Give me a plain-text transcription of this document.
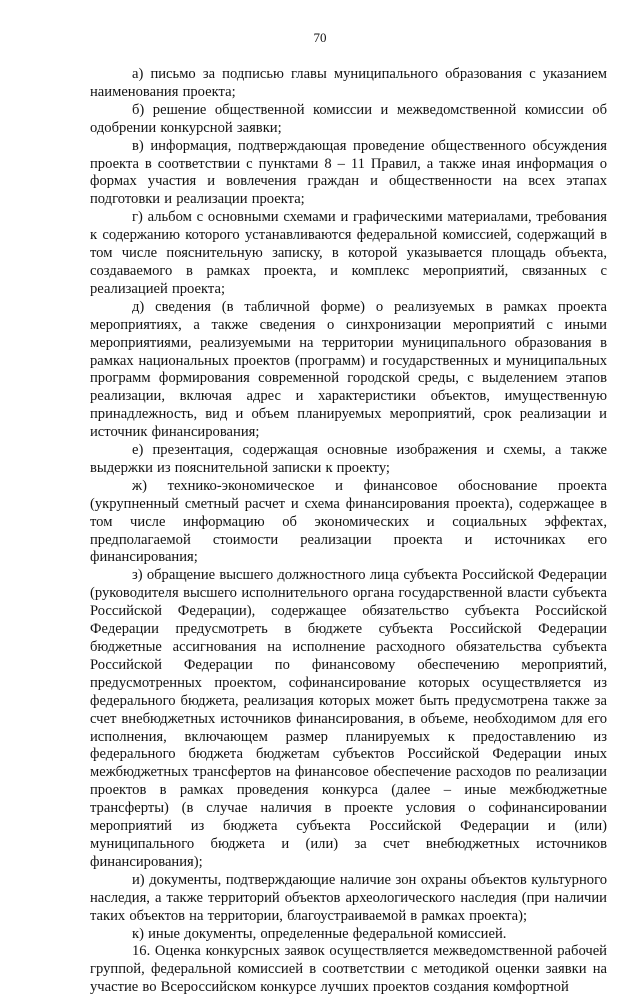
70

а) письмо за подписью главы муниципального образования с указанием наименования проекта;

б) решение общественной комиссии и межведомственной комиссии об одобрении конкурсной заявки;

в) информация, подтверждающая проведение общественного обсуждения проекта в соответствии с пунктами 8 – 11 Правил, а также иная информация о формах участия и вовлечения граждан и общественности на всех этапах подготовки и реализации проекта;

г) альбом с основными схемами и графическими материалами, требования к содержанию которого устанавливаются федеральной комиссией, содержащий в том числе пояснительную записку, в которой указывается площадь объекта, создаваемого в рамках проекта, и комплекс мероприятий, связанных с реализацией проекта;

д) сведения (в табличной форме) о реализуемых в рамках проекта мероприятиях, а также сведения о синхронизации мероприятий с иными мероприятиями, реализуемыми на территории муниципального образования в рамках национальных проектов (программ) и государственных и муниципальных программ формирования современной городской среды, с выделением этапов реализации, включая адрес и характеристики объектов, имущественную принадлежность, вид и объем планируемых мероприятий, срок реализации и источник финансирования;

е) презентация, содержащая основные изображения и схемы, а также выдержки из пояснительной записки к проекту;

ж) технико-экономическое и финансовое обоснование проекта (укрупненный сметный расчет и схема финансирования проекта), содержащее в том числе информацию об экономических и социальных эффектах, предполагаемой стоимости реализации проекта и источниках его финансирования;

з) обращение высшего должностного лица субъекта Российской Федерации (руководителя высшего исполнительного органа государственной власти субъекта Российской Федерации), содержащее обязательство субъекта Российской Федерации предусмотреть в бюджете субъекта Российской Федерации бюджетные ассигнования на исполнение расходного обязательства субъекта Российской Федерации по финансовому обеспечению мероприятий, предусмотренных проектом, софинансирование которых осуществляется из федерального бюджета, реализация которых может быть предусмотрена также за счет внебюджетных источников финансирования, в объеме, необходимом для его исполнения, включающем размер планируемых к предоставлению из федерального бюджета бюджетам субъектов Российской Федерации иных межбюджетных трансфертов на финансовое обеспечение расходов по реализации проектов в рамках проведения конкурса (далее – иные межбюджетные трансферты) (в случае наличия в проекте условия о софинансировании мероприятий из бюджета субъекта Российской Федерации и (или) муниципального бюджета и (или) за счет внебюджетных источников финансирования);

и) документы, подтверждающие наличие зон охраны объектов культурного наследия, а также территорий объектов археологического наследия (при наличии таких объектов на территории, благоустраиваемой в рамках проекта);

к) иные документы, определенные федеральной комиссией.

16. Оценка конкурсных заявок осуществляется межведомственной рабочей группой, федеральной комиссией в соответствии с методикой оценки заявки на участие во Всероссийском конкурсе лучших проектов создания комфортной
